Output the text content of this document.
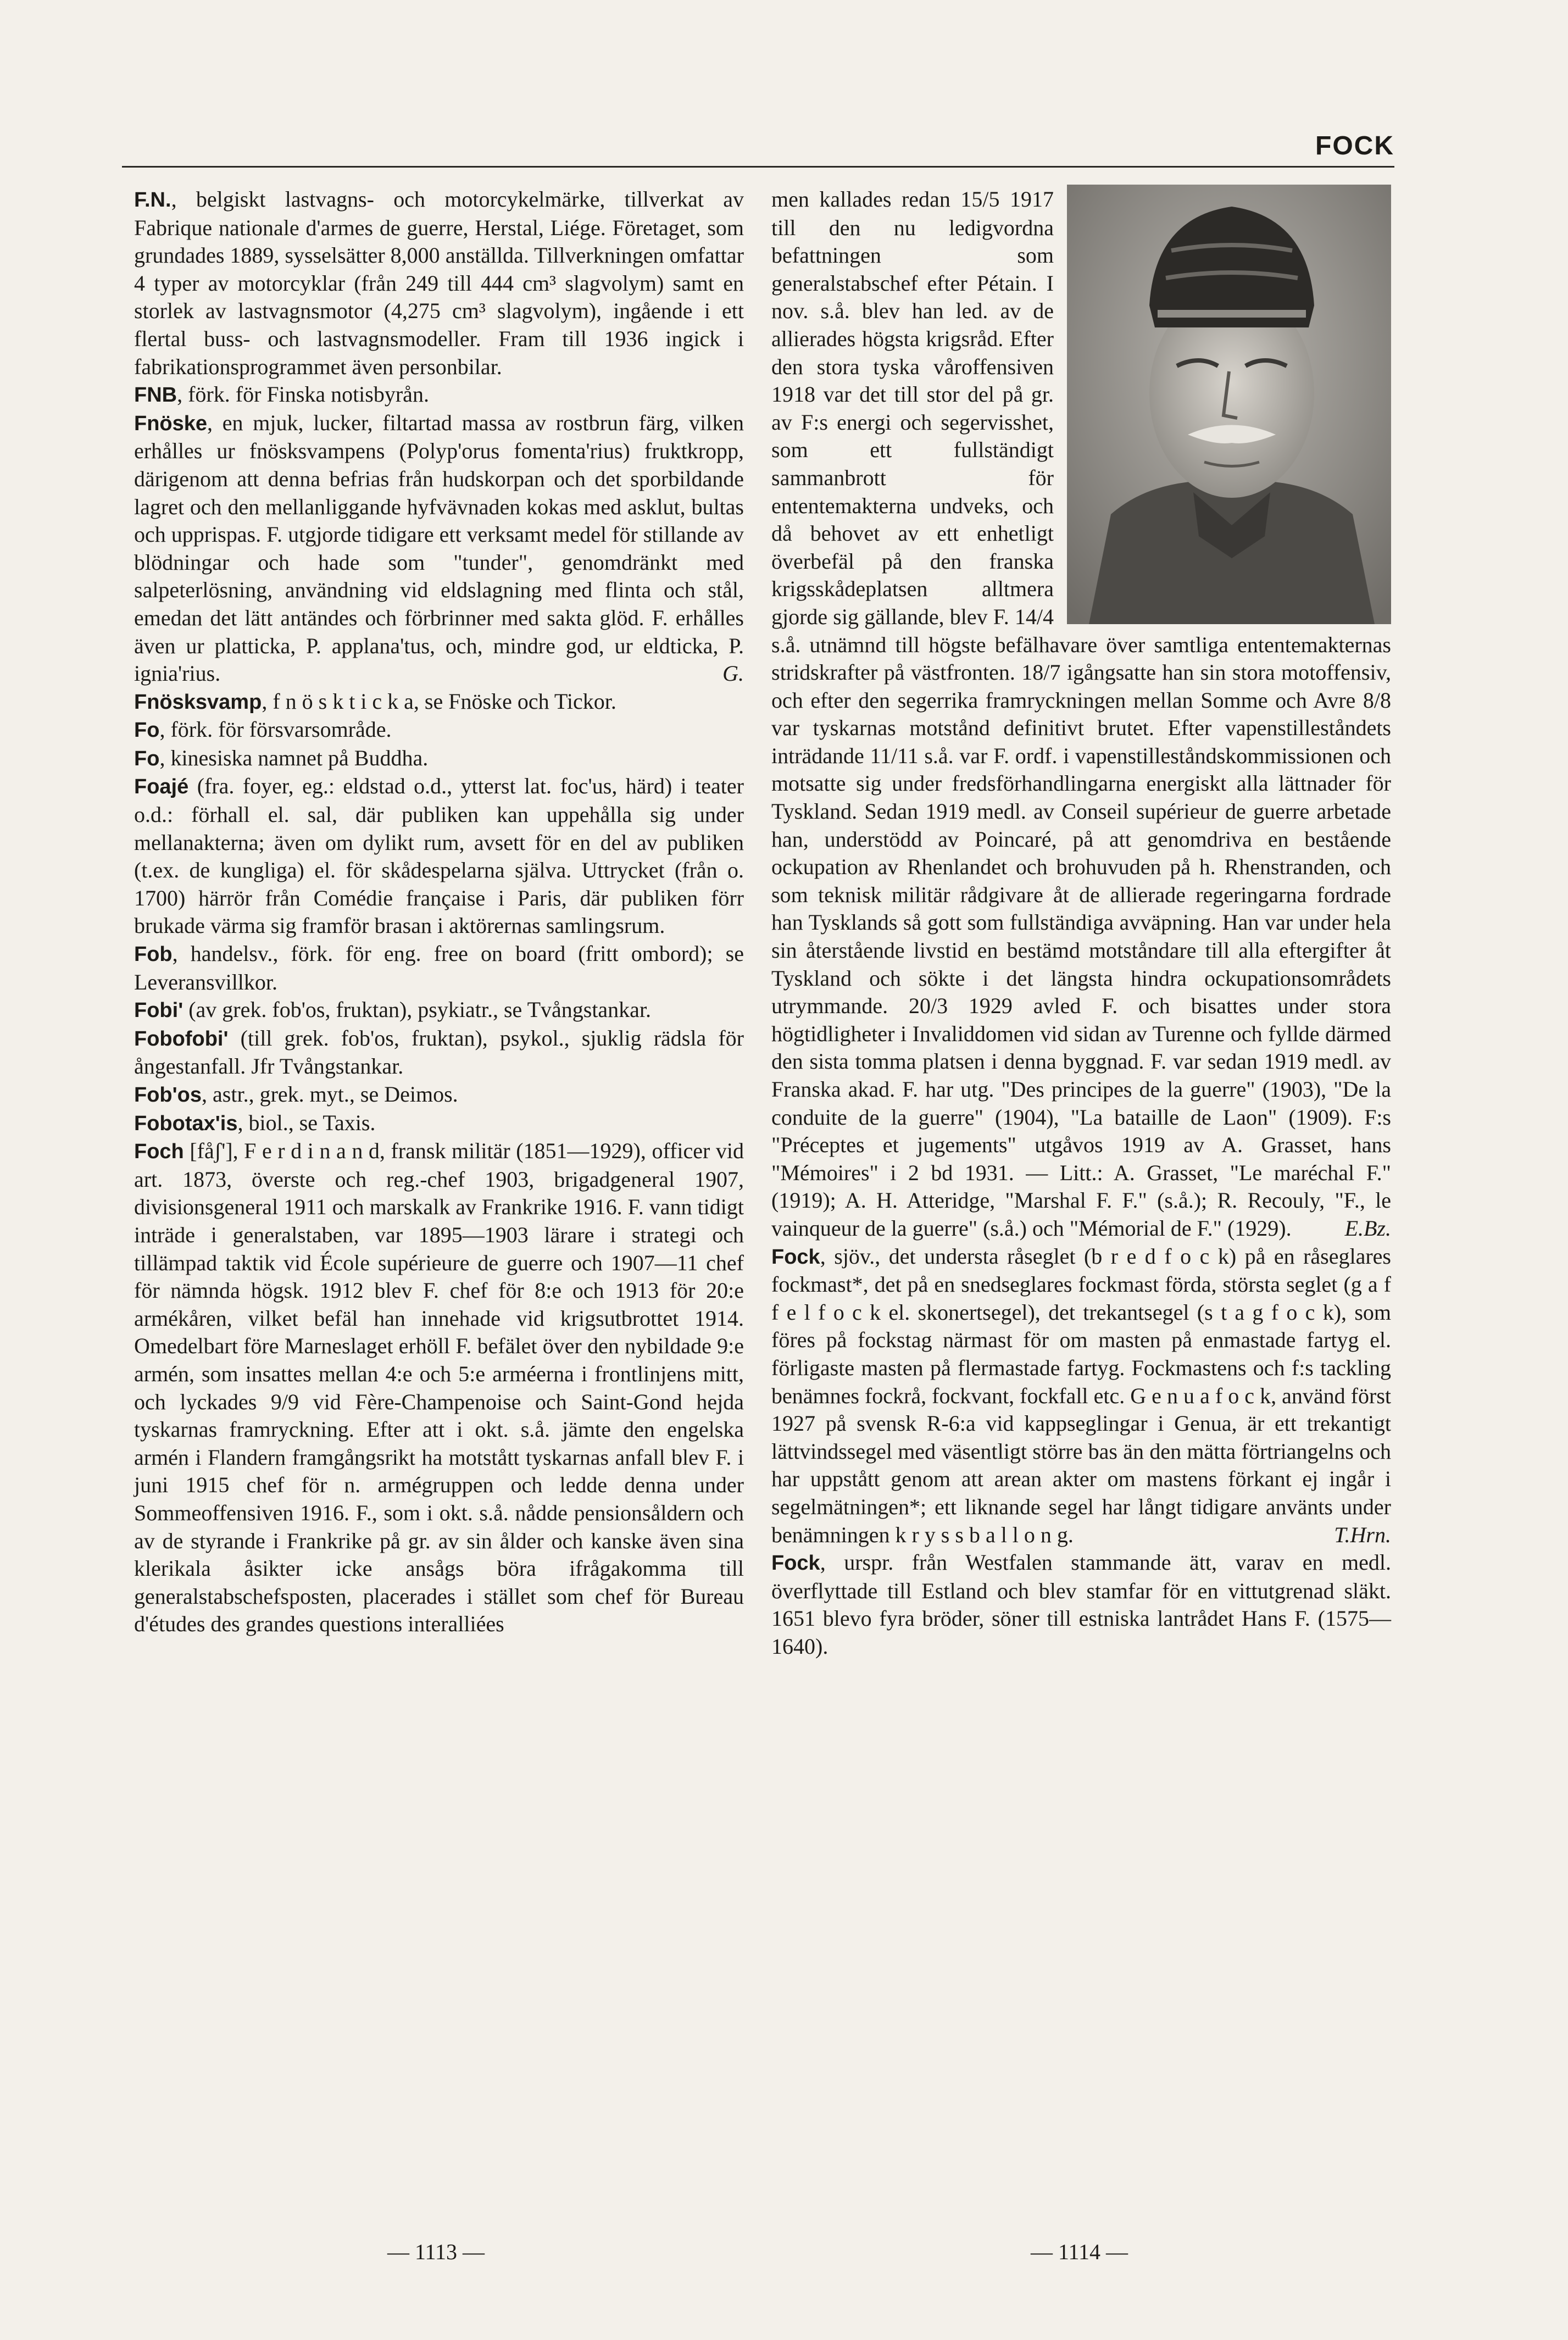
FOCK

F.N., belgiskt lastvagns- och motorcykelmärke, tillverkat av Fabrique nationale d'armes de guerre, Herstal, Liége. Företaget, som grundades 1889, sysselsätter 8,000 anställda. Tillverkningen omfattar 4 typer av motorcyklar (från 249 till 444 cm³ slagvolym) samt en storlek av lastvagnsmotor (4,275 cm³ slagvolym), ingående i ett flertal buss- och lastvagnsmodeller. Fram till 1936 ingick i fabrikationsprogrammet även personbilar.

FNB, förk. för Finska notisbyrån.

Fnöske, en mjuk, lucker, filtartad massa av rostbrun färg, vilken erhålles ur fnösksvampens (Polyp'orus fomenta'rius) fruktkropp, därigenom att denna befrias från hudskorpan och det sporbildande lagret och den mellanliggande hyfvävnaden kokas med asklut, bultas och upprispas. F. utgjorde tidigare ett verksamt medel för stillande av blödningar och hade som "tunder", genomdränkt med salpeterlösning, användning vid eldslagning med flinta och stål, emedan det lätt antändes och förbrinner med sakta glöd. F. erhålles även ur platticka, P. applana'tus, och, mindre god, ur eldticka, P. ignia'rius.	G.

Fnösksvamp, f n ö s k t i c k a, se Fnöske och Tickor.

Fo, förk. för försvarsområde.

Fo, kinesiska namnet på Buddha.

Foajé (fra. foyer, eg.: eldstad o.d., ytterst lat. foc'us, härd) i teater o.d.: förhall el. sal, där publiken kan uppehålla sig under mellanakterna; även om dylikt rum, avsett för en del av publiken (t.ex. de kungliga) el. för skådespelarna själva. Uttrycket (från o. 1700) härrör från Comédie française i Paris, där publiken förr brukade värma sig framför brasan i aktörernas samlingsrum.

Fob, handelsv., förk. för eng. free on board (fritt ombord); se Leveransvillkor.

Fobi' (av grek. fob'os, fruktan), psykiatr., se Tvångstankar.

Fobofobi' (till grek. fob'os, fruktan), psykol., sjuklig rädsla för ångestanfall. Jfr Tvångstankar.

Fob'os, astr., grek. myt., se Deimos.

Fobotax'is, biol., se Taxis.

Foch [fåʃ'], F e r d i n a n d, fransk militär (1851—1929), officer vid art. 1873, överste och reg.-chef 1903, brigadgeneral 1907, divisionsgeneral 1911 och marskalk av Frankrike 1916. F. vann tidigt inträde i generalstaben, var 1895—1903 lärare i strategi och tillämpad taktik vid École supérieure de guerre och 1907—11 chef för nämnda högsk. 1912 blev F. chef för 8:e och 1913 för 20:e armékåren, vilket befäl han innehade vid krigsutbrottet 1914. Omedelbart före Marneslaget erhöll F. befälet över den nybildade 9:e armén, som insattes mellan 4:e och 5:e arméerna i frontlinjens mitt, och lyckades 9/9 vid Fère-Champenoise och Saint-Gond hejda tyskarnas framryckning. Efter att i okt. s.å. jämte den engelska armén i Flandern framgångsrikt ha motstått tyskarnas anfall blev F. i juni 1915 chef för n. armégruppen och ledde denna under Sommeoffensiven 1916. F., som i okt. s.å. nådde pensionsåldern och av de styrande i Frankrike på gr. av sin ålder och kanske även sina klerikala åsikter icke ansågs böra ifrågakomma till generalstabschefsposten, placerades i stället som chef för Bureau d'études des grandes questions interalliées

men kallades redan 15/5 1917 till den nu ledigvordna befattningen som generalstabschef efter Pétain. I nov. s.å. blev han led. av de allierades högsta krigsråd. Efter den stora tyska våroffensiven 1918 var det till stor del på gr. av F:s energi och segervisshet, som ett fullständigt sammanbrott för ententemakterna undveks, och då behovet av ett enhetligt överbefäl på den franska krigsskådeplatsen alltmera gjorde sig gällande, blev F. 14/4 s.å. utnämnd till högste befälhavare över samtliga ententemakternas stridskrafter på västfronten. 18/7 igångsatte han sin stora motoffensiv, och efter den segerrika framryckningen mellan Somme och Avre 8/8 var tyskarnas motstånd definitivt brutet. Efter vapenstilleståndets inträdande 11/11 s.å. var F. ordf. i vapenstilleståndskommissionen och motsatte sig under fredsförhandlingarna energiskt alla lättnader för Tyskland. Sedan 1919 medl. av Conseil supérieur de guerre arbetade han, understödd av Poincaré, på att genomdriva en bestående ockupation av Rhenlandet och brohuvuden på h. Rhenstranden, och som teknisk militär rådgivare åt de allierade regeringarna fordrade han Tysklands så gott som fullständiga avväpning. Han var under hela sin återstående livstid en bestämd motståndare till alla eftergifter åt Tyskland och sökte i det längsta hindra ockupationsområdets utrymmande. 20/3 1929 avled F. och bisattes under stora högtidligheter i Invaliddomen vid sidan av Turenne och fyllde därmed den sista tomma platsen i denna byggnad. F. var sedan 1919 medl. av Franska akad. F. har utg. "Des principes de la guerre" (1903), "De la conduite de la guerre" (1904), "La bataille de Laon" (1909). F:s "Préceptes et jugements" utgåvos 1919 av A. Grasset, hans "Mémoires" i 2 bd 1931. — Litt.: A. Grasset, "Le maréchal F." (1919); A. H. Atteridge, "Marshal F. F." (s.å.); R. Recouly, "F., le vainqueur de la guerre" (s.å.) och "Mémorial de F." (1929).	E.Bz.

Fock, sjöv., det understa råseglet (b r e d f o c k) på en råseglares fockmast*, det på en snedseglares fockmast förda, största seglet (g a f f e l f o c k el. skonertsegel), det trekantsegel (s t a g f o c k), som föres på fockstag närmast för om masten på enmastade fartyg el. förligaste masten på flermastade fartyg. Fockmastens och f:s tackling benämnes fockrå, fockvant, fockfall etc. G e n u a f o c k, använd först 1927 på svensk R-6:a vid kappseglingar i Genua, är ett trekantigt lättvindssegel med väsentligt större bas än den mätta förtriangelns och har uppstått genom att arean akter om mastens förkant ej ingår i segelmätningen*; ett liknande segel har långt tidigare använts under benämningen k r y s s b a l l o n g.	T.Hrn.

Fock, urspr. från Westfalen stammande ätt, varav en medl. överflyttade till Estland och blev stamfar för en vittutgrenad släkt. 1651 blevo fyra bröder, söner till estniska lantrådet Hans F. (1575—1640).

— 1113 —	— 1114 —
